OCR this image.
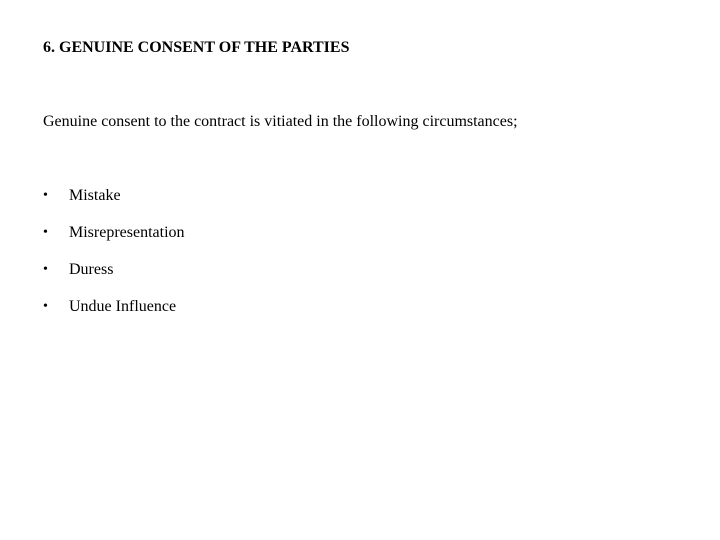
6. GENUINE CONSENT OF THE PARTIES
Genuine consent to the contract is vitiated in the following circumstances;
•	Mistake
•	Misrepresentation
•	Duress
•	Undue Influence
